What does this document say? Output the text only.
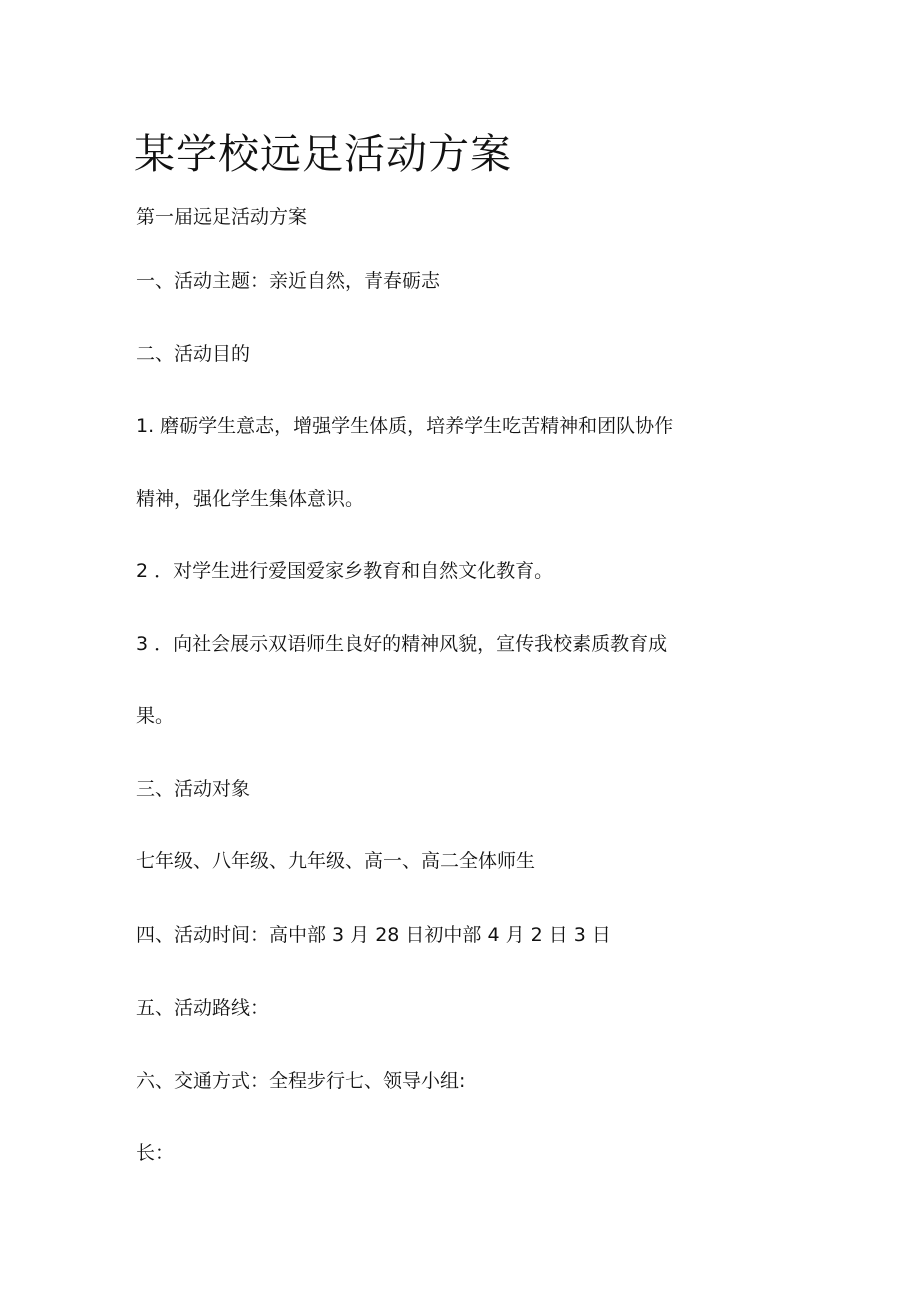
某学校远足活动方案
第一届远足活动方案
一、活动主题：亲近自然，青春砺志
二、活动目的
1. 磨砺学生意志，增强学生体质，培养学生吃苦精神和团队协作
精神，强化学生集体意识。
2 ．对学生进行爱国爱家乡教育和自然文化教育。
3 ．向社会展示双语师生良好的精神风貌，宣传我校素质教育成
果。
三、活动对象
七年级、八年级、九年级、高一、高二全体师生
四、活动时间：高中部 3 月 28 日初中部 4 月 2 日 3 日
五、活动路线：
六、交通方式：全程步行七、领导小组:
长：
